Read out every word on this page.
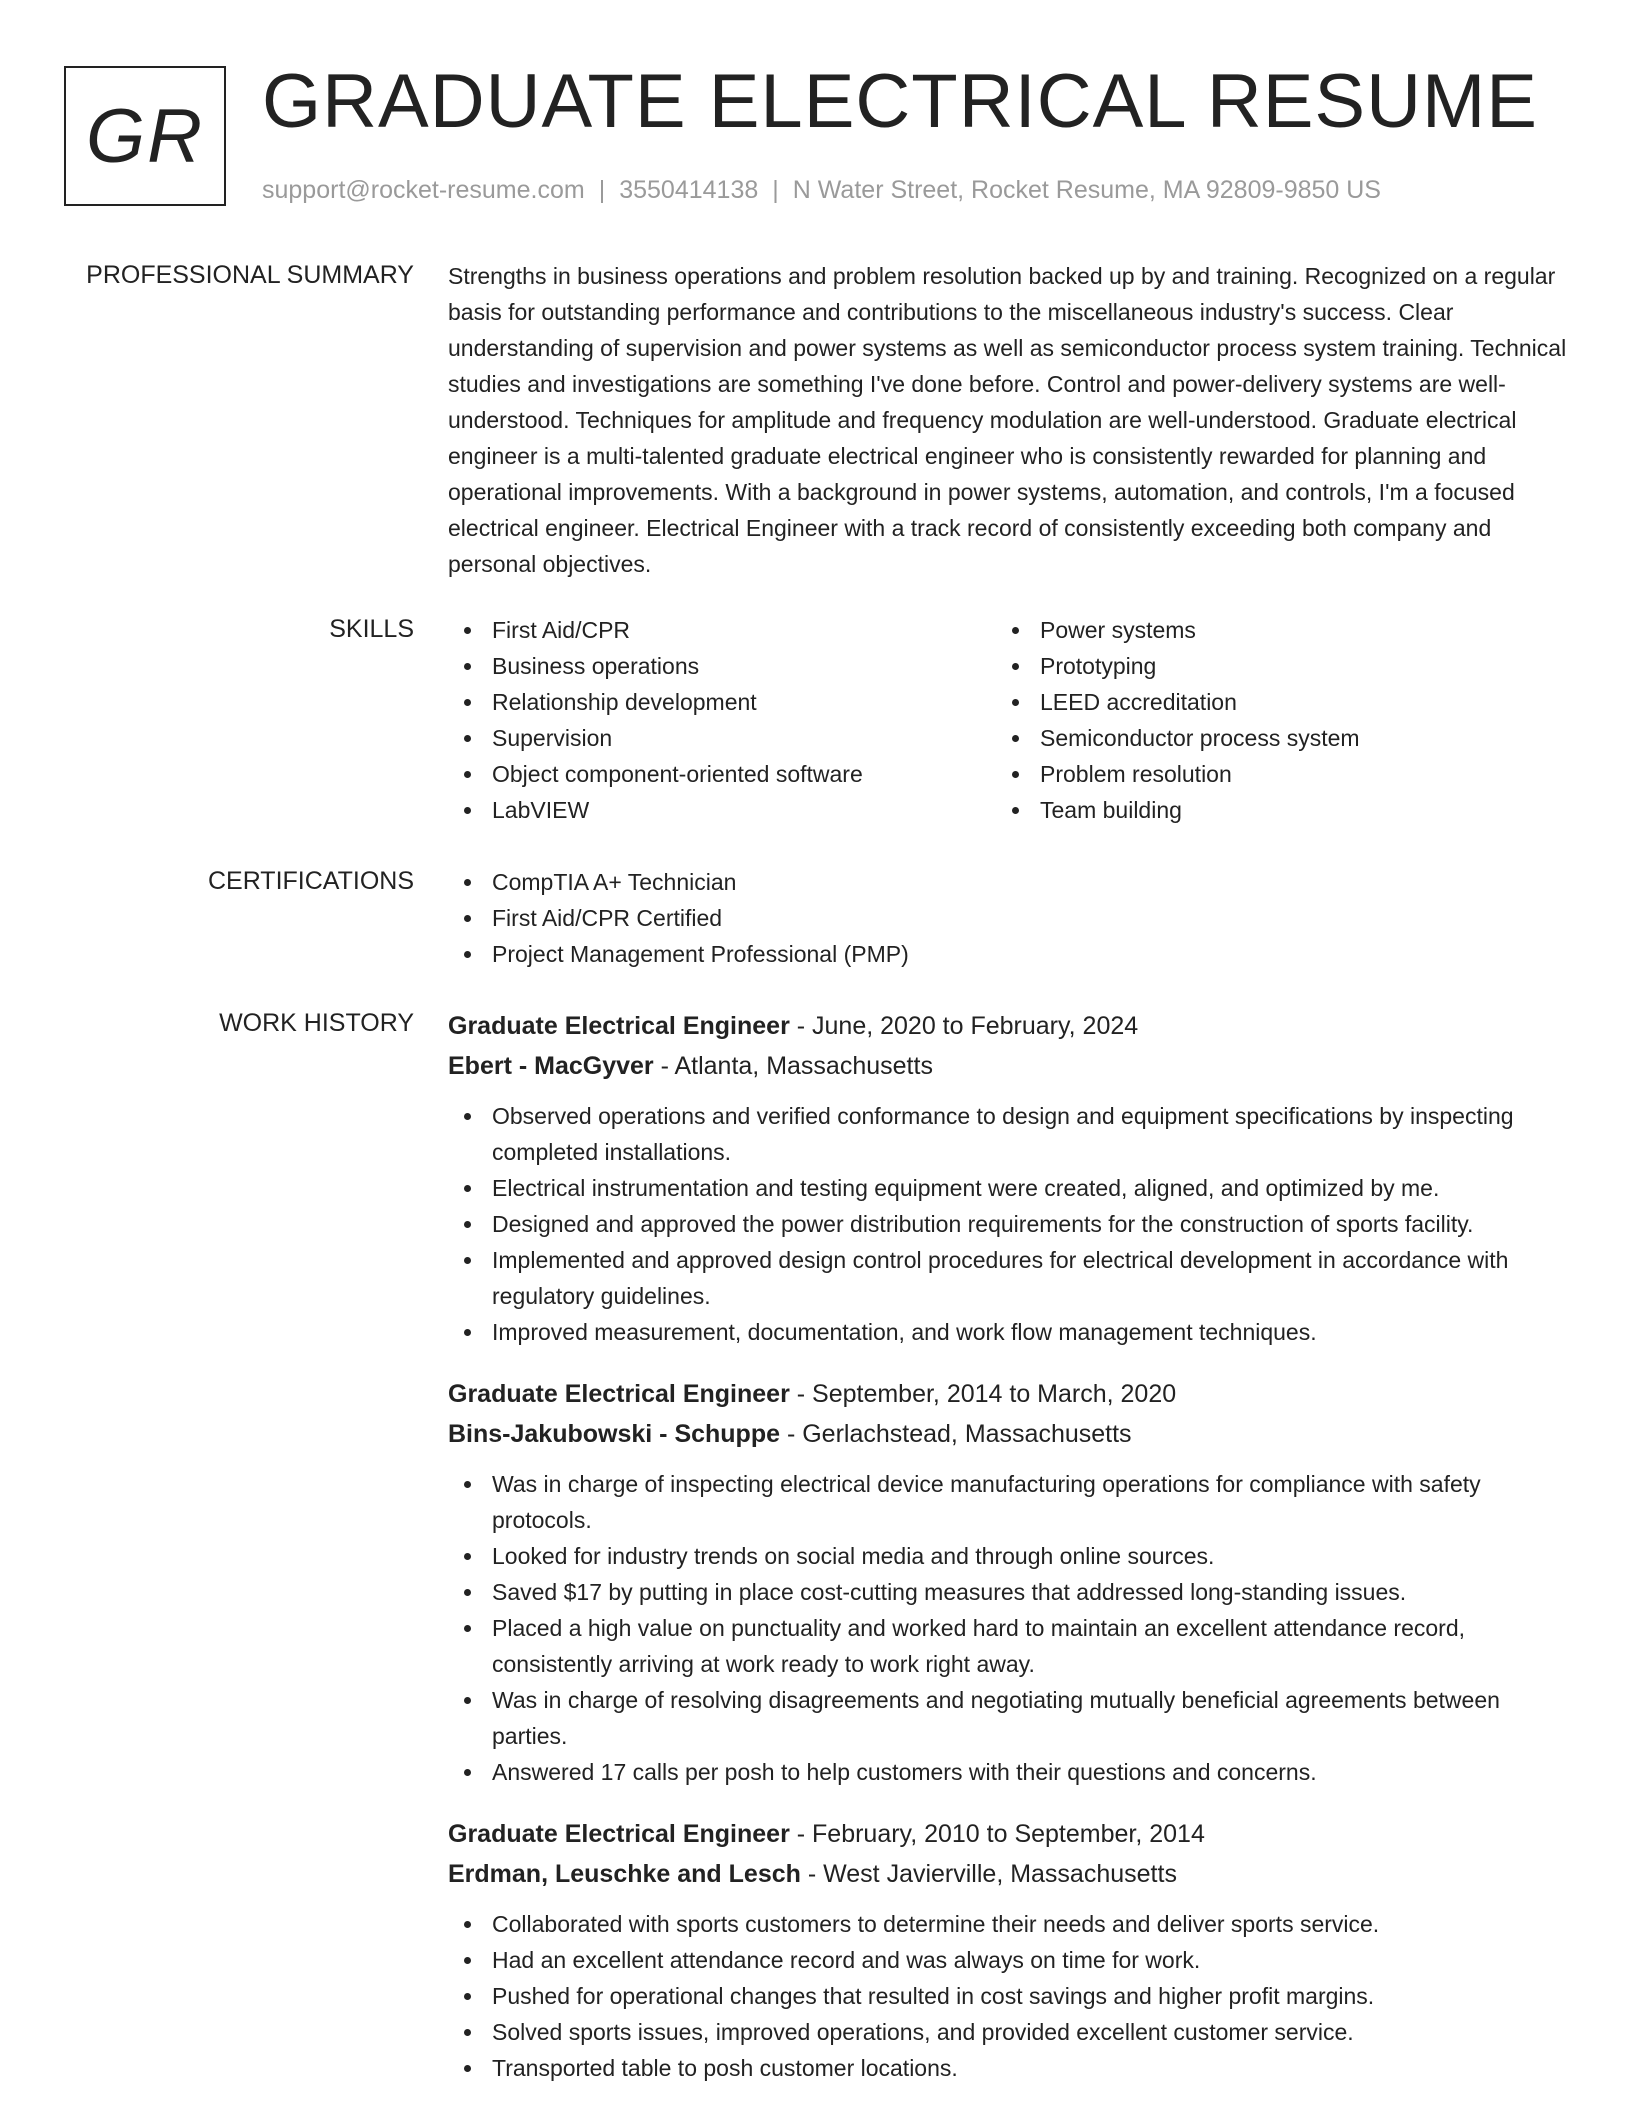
GR GRADUATE ELECTRICAL RESUME
support@rocket-resume.com | 3550414138 | N Water Street, Rocket Resume, MA 92809-9850 US
PROFESSIONAL SUMMARY Strengths in business operations and problem resolution backed up by and training. Recognized on a regular basis for outstanding performance and contributions to the miscellaneous industry's success. Clear understanding of supervision and power systems as well as semiconductor process system training. Technical studies and investigations are something I've done before. Control and power-delivery systems are well-understood. Techniques for amplitude and frequency modulation are well-understood. Graduate electrical engineer is a multi-talented graduate electrical engineer who is consistently rewarded for planning and operational improvements. With a background in power systems, automation, and controls, I'm a focused electrical engineer. Electrical Engineer with a track record of consistently exceeding both company and personal objectives.

SKILLS	First Aid/CPR
Business operations
Relationship development
Supervision
Object component-oriented software
LabVIEW
Power systems
Prototyping
LEED accreditation
Semiconductor process system
Problem resolution
Team building
CERTIFICATIONS	CompTIA A+ Technician
First Aid/CPR Certified
Project Management Professional (PMP)
WORK HISTORY Graduate Electrical Engineer - June, 2020 to February, 2024
Ebert - MacGyver - Atlanta, Massachusetts
Observed operations and verified conformance to design and equipment specifications by inspecting completed installations.
Electrical instrumentation and testing equipment were created, aligned, and optimized by me.
Designed and approved the power distribution requirements for the construction of sports facility.
Implemented and approved design control procedures for electrical development in accordance with regulatory guidelines.
Improved measurement, documentation, and work flow management techniques.
Graduate Electrical Engineer - September, 2014 to March, 2020
Bins-Jakubowski - Schuppe - Gerlachstead, Massachusetts
Was in charge of inspecting electrical device manufacturing operations for compliance with safety protocols.
Looked for industry trends on social media and through online sources.
Saved $17 by putting in place cost-cutting measures that addressed long-standing issues.
Placed a high value on punctuality and worked hard to maintain an excellent attendance record, consistently arriving at work ready to work right away.
Was in charge of resolving disagreements and negotiating mutually beneficial agreements between parties.
Answered 17 calls per posh to help customers with their questions and concerns.
Graduate Electrical Engineer - February, 2010 to September, 2014
Erdman, Leuschke and Lesch - West Javierville, Massachusetts
Collaborated with sports customers to determine their needs and deliver sports service.
Had an excellent attendance record and was always on time for work.
Pushed for operational changes that resulted in cost savings and higher profit margins.
Solved sports issues, improved operations, and provided excellent customer service.
Transported table to posh customer locations.
